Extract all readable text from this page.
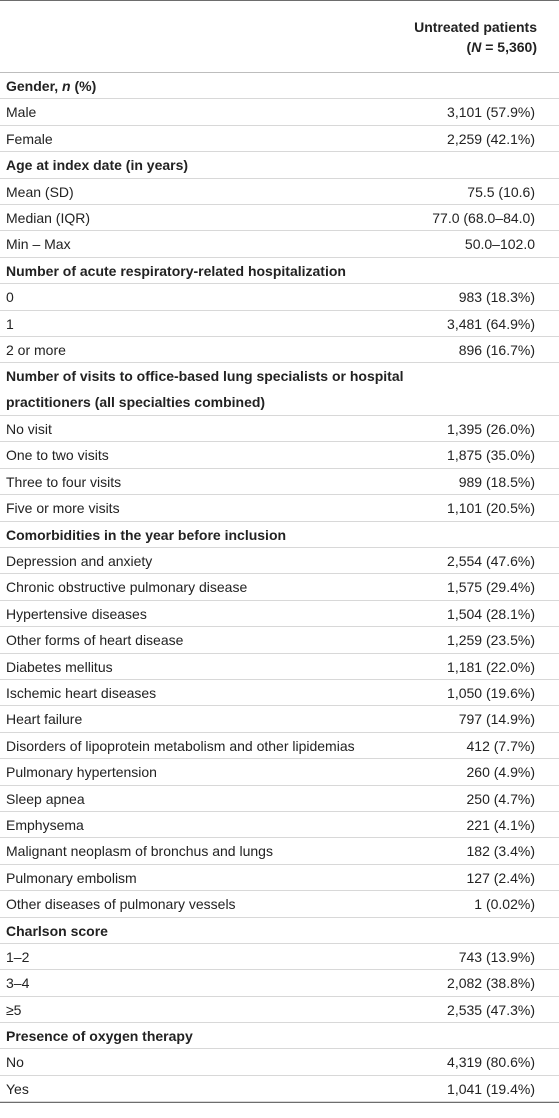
Untreated patients
(N = 5,360)
Gender, n (%)
Male	3,101 (57.9%)
Female	2,259 (42.1%)
Age at index date (in years)
Mean (SD)	75.5 (10.6)
Median (IQR)	77.0 (68.0–84.0)
Min – Max	50.0–102.0
Number of acute respiratory-related hospitalization
0	983 (18.3%)
1	3,481 (64.9%)
2 or more	896 (16.7%)
Number of visits to office-based lung specialists or hospital
practitioners (all specialties combined)
No visit	1,395 (26.0%)
One to two visits	1,875 (35.0%)
Three to four visits	989 (18.5%)
Five or more visits	1,101 (20.5%)
Comorbidities in the year before inclusion
Depression and anxiety	2,554 (47.6%)
Chronic obstructive pulmonary disease	1,575 (29.4%)
Hypertensive diseases	1,504 (28.1%)
Other forms of heart disease	1,259 (23.5%)
Diabetes mellitus	1,181 (22.0%)
Ischemic heart diseases	1,050 (19.6%)
Heart failure	797 (14.9%)
Disorders of lipoprotein metabolism and other lipidemias	412 (7.7%)
Pulmonary hypertension	260 (4.9%)
Sleep apnea	250 (4.7%)
Emphysema	221 (4.1%)
Malignant neoplasm of bronchus and lungs	182 (3.4%)
Pulmonary embolism	127 (2.4%)
Other diseases of pulmonary vessels	1 (0.02%)
Charlson score
1–2	743 (13.9%)
3–4	2,082 (38.8%)
≥5	2,535 (47.3%)
Presence of oxygen therapy
No	4,319 (80.6%)
Yes	1,041 (19.4%)
